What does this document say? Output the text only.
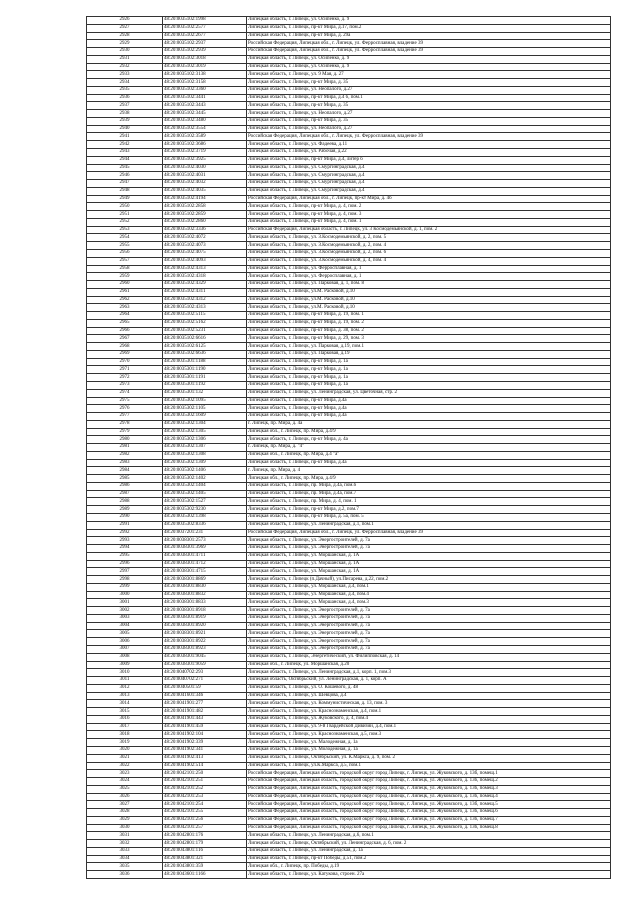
2926	48:20:0035102:1998	Липецкая область, г. Липецк, ул. Осипенко, д. 9
2927	48:20:0035102:2577	Липецкая область, г. Липецк, пр-кт Мира, д.17, пом.2
2928	48:20:0035102:2677	Липецкая область, г. Липецк, пр-кт Мира, д. 29а
2929	48:20:0035102:2937	Российская Федерация, Липецкая обл., г. Липецк, ул. Ферросплавная, владение 39
2930	48:20:0035102:2939	Российская Федерация, Липецкая обл., г. Липецк, ул. Ферросплавная, владение 39
2931	48:20:0035102:3018	Липецкая область, г. Липецк, ул. Осипенко, д. 9
2932	48:20:0035102:3019	Липецкая область, г. Липецк, ул. Осипенко, д. 9
2933	48:20:0035102:3138	Липецкая область, г. Липецк, ул. 9 Мая, д. 27
2934	48:20:0035102:3158	Липецкая область, г. Липецк, пр-кт Мира, д. 35
2935	48:20:0035102:3360	Липецкая область, г. Липецк, ул. Неопалого, д.27
2936	48:20:0035102:3441	Липецкая область, г. Липецк, пр-кт Мира, д.4 б, пом.1
2937	48:20:0035102:3443	Липецкая область, г. Липецк, пр-кт Мира, д. 35
2938	48:20:0035102:3445	Липецкая область, г. Липецк, ул. Неопалого, д.27
2939	48:20:0035102:3480	Липецкая область, г. Липецк, пр-кт Мира, д. 35
2940	48:20:0035102:3554	Липецкая область, г. Липецк, ул. Неопалого, д.27
2941	48:20:0035102:3589	Российская Федерация, Липецкая обл., г. Липецк, ул. Ферросплавная, владение 39
2942	48:20:0035102:3686	Липецкая область, г. Липецк, ул. Фадеева, д.11
2943	48:20:0035102:3719	Липецкая область, г. Липецк, ул. Рабочая, д.22
2944	48:20:0035102:3925	Липецкая область, г. Липецк, пр-кт Мира, д.4, литер б
2945	48:20:0035102:4030	Липецкая область, г. Липецк, ул. Смургинградская, д.4
2946	48:20:0035102:4031	Липецкая область, г. Липецк, ул. Смургинградская, д.4
2947	48:20:0035102:4032	Липецкая область, г. Липецк, ул. Смургинградская, д.4
2948	48:20:0035102:4035	Липецкая область, г. Липецк, ул. Смургинградская, д.4
2949	48:20:0035102:4194	Российская Федерация, Липецкая обл., г. Липецк, пр-кт Мира, д. 4б
2950	48:20:0035102:2858	Липецкая область, г. Липецк, пр-кт Мира, д. 4, пом. 2
2951	48:20:0035102:2859	Липецкая область, г. Липецк, пр-кт Мира, д. 4, пом. 3
2952	48:20:0035102:2860	Липецкая область, г. Липецк, пр-кт Мира, д. 4, пом. 1
2953	48:20:0035102:3336	Российская Федерация, Липецкая область, г. Липецк, ул. 3 Космодемьянской, д. 1, пом. 2
2954	48:20:0035102:4072	Липецкая область, г. Липецк, ул. З.Космодемьянской, д. 2, пом. 5
2955	48:20:0035102:4073	Липецкая область, г. Липецк, ул. З.Космодемьянской, д. 2, пом. 4
2956	48:20:0035102:4075	Липецкая область, г. Липецк, ул. З.Космодемьянской, д. 2, пом. 6
2957	48:20:0035102:4093	Липецкая область, г. Липецк, ул. З.Космодемьянской, д. 4, пом. 4
2958	48:20:0035102:4313	Липецкая область, г. Липецк, ул. Ферросплавная, д. 1
2959	48:20:0035102:4318	Липецкая область, г. Липецк, ул. Ферросплавная, д. 1
2960	48:20:0035102:4329	Липецкая область, г. Липецк, ул. Парковая, д. 1, пом. 8
2961	48:20:0035102:4311	Липецкая область, г. Липецк, ул.М. Расковой, д.10
2962	48:20:0035102:4312	Липецкая область, г. Липецк, ул.М. Расковой, д.10
2963	48:20:0035102:4313	Липецкая область, г. Липецк, ул.М. Расковой, д.10
2964	48:20:0035102:5115	Липецкая область, г. Липецк, пр-кт Мира, д. 19, пом. 1
2965	48:20:0035102:5162	Липецкая область, г. Липецк, пр-кт Мира, д. 19, пом. 2
2966	48:20:0035102:5231	Липецкая область, г. Липецк, пр-кт Мира, д. 38, пом. 2
2967	48:20:0035102:6616	Липецкая область, г. Липецк, пр-кт Мира, д. 29, пом. 3
2968	48:20:0035102:6125	Липецкая область, г. Липецк, ул. Парковая, д.19, пом.1
2969	48:20:0035102:6636	Липецкая область, г. Липецк, ул. Парковая, д.19
2970	48:20:0035301:1188	Липецкая область, г. Липецк, пр-кт Мира, д. 1а
2971	48:20:0035301:1190	Липецкая область, г. Липецк, пр-кт Мира, д. 1а
2972	48:20:0035301:1191	Липецкая область, г. Липецк, пр-кт Мира, д. 1а
2973	48:20:0035301:1192	Липецкая область, г. Липецк, пр-кт Мира, д. 1а
2974	48:20:0035301:132	Липецкая область, г. Липецк, ул. Ленинградская, ул. Цветочная, стр. 2
2975	48:20:0035302:1095	Липецкая область, г. Липецк, пр-кт Мира, д.4а
2976	48:20:0035302:1105	Липецкая область, г. Липецк, пр-кт Мира, д.4а
2977	48:20:0035302:1609	Липецкая область, г. Липецк, пр-кт Мира, д.4а
2978	48:20:0035302:1304	г. Липецк, пр. Мира, д. 4а
2979	48:20:0035302:1305	Липецкая обл., г. Липецк, пр. Мира, д.4/9
2980	48:20:0035302:1306	Липецкая область, г. Липецк, пр-кт Мира, д. 4а
2981	48:20:0035302:1307	г. Липецк, пр. Мира, д. "4"
2982	48:20:0035302:1308	Липецкая обл., г. Липецк, пр. Мира, д.4 "а"
2983	48:20:0035302:1309	Липецкая область, г. Липецк, пр-кт Мира, д.4а
2984	48:20:0035302:1406	г. Липецк, пр. Мира, д. 4
2985	48:20:0035302:1402	Липецкая обл., г. Липецк, пр. Мира, д.4/9
2986	48:20:0035302:1404	Липецкая область, г. Липецк, пр. Мира, д.4а, пом.6
2987	48:20:0035302:1405	Липецкая область, г. Липецк, пр. Мира, д.4а, пом.7
2988	48:20:0035302:1527	Липецкая область, г. Липецк, пр. Мира, д. 4, пом. 1
2989	48:20:0035302:9230	Липецкая область, г. Липецк, пр-кт Мира, д.2, пом.7
2990	48:20:0035302:1398	Липецкая область, г. Липецк, пр-кт Мира, д. 5а, пом. 5
2991	48:20:0035302:8336	Липецкая область, г. Липецк, ул. Ленинградская, д.1, пом.1
2992	48:20:0037201:231	Российская Федерация, Липецкая обл., г. Липецк, ул. Ферросплавная, владение 39
2993	48:20:0038301:2573	Липецкая область, г. Липецк, ул. Энергостроителей, д. 7а
2994	48:20:0038301:3969	Липецкая область, г. Липецк, ул. Энергостроителей, д. 7а
2995	48:20:0038301:4711	Липецкая область, г. Липецк, ул. Моршанская, д. 1А
2996	48:20:0038301:4712	Липецкая область, г. Липецк, ул. Моршанская, д. 1А
2997	48:20:0038301:4715	Липецкая область, г. Липецк, ул. Моршанская, д. 1А
2998	48:20:0038301:8869	Липецкая область, г. Липецк (п.Дачный), ул.Писарева, д.22, пом.2
2999	48:20:0038301:8830	Липецкая область, г. Липецк, ул. Моршанская, д.4, пом.1
3000	48:20:0038301:8832	Липецкая область, г. Липецк, ул. Моршанская, д.4, пом.4
3001	48:20:0038301:8833	Липецкая область, г. Липецк, ул. Моршанская, д.4, пом.3
3002	48:20:0038301:8918	Липецкая область, г. Липецк, ул. Энергостроителей, д. 7а
3003	48:20:0038301:8919	Липецкая область, г. Липецк, ул. Энергостроителей, д. 7а
3004	48:20:0038301:8920	Липецкая область, г. Липецк, ул. Энергостроителей, д. 7а
3005	48:20:0038301:8921	Липецкая область, г. Липецк, ул. Энергостроителей, д. 7а
3006	48:20:0038301:8922	Липецкая область, г. Липецк, ул. Энергостроителей, д. 7а
3007	48:20:0038301:8923	Липецкая область, г. Липецк, ул. Энергостроителей, д. 7а
3008	48:20:0038301:9045	Липецкая область, г. Липецк, Энергетический, ул. Филипповская, д. 14
3009	48:20:0038301:9059	Липецкая обл., г. Липецк, ул. Моршанская, д.20
3010	48:20:0040702:293	Липецкая область, г. Липецк, ул. Ленинградская, д.1, корп. 1, пом.3
3011	48:20:0040702:271	Липецкая область, Октябрьский, ул. Ленинградская, д. 1, корп. А
3012	48:20:0040501:59	Липецкая область, г. Липецк, ул. О. Кошевого, д. 48
3013	48:20:0041601:346	Липецкая область, г. Липецк, ул. Шевцова, д.4
3014	48:20:0041901:277	Липецкая область, г. Липецк, ул. Коммунистическая, д. 13, пом. 3
3015	48:20:0041901:482	Липецкая область, г. Липецк, ул. Краснознаменская, д.4, пом.1
3016	48:20:0041901:443	Липецкая область, г. Липецк, ул. Жуковского, д. 4, пом.4
3017	48:20:0041901:459	Липецкая область, г. Липецк, ул. 9-й Гвардейской Дивизии, д.4, пом.1
3018	48:20:0041902:104	Липецкая область, г. Липецк, ул. Краснознаменская, д.5, пом.3
3019	48:20:0041902:339	Липецкая область, г. Липецк, ул. Малодежная, д. 1а
3020	48:20:0041902:341	Липецкая область, г. Липецк, ул. Молодежная, д. 1а
3021	48:20:0041902:413	Липецкая область, г. Липецк, Октябрьский, ул. К.Маркса, д. 9, пом. 2
3022	48:20:0041902:514	Липецкая область, г. Липецк, ул.К.Маркса, д.5, пом.1
3023	48:20:0042101:250	Российская Федерация, Липецкая область, городской округ город Липецк, г. Липецк, ул. Жуковского, д. 13б, помещ.1
3024	48:20:0042101:251	Российская Федерация, Липецкая область, городской округ город Липецк, г. Липецк, ул. Жуковского, д. 13б, помещ.2
3025	48:20:0042101:252	Российская Федерация, Липецкая область, городской округ город Липецк, г. Липецк, ул. Жуковского, д. 13б, помещ.3
3026	48:20:0042101:253	Российская Федерация, Липецкая область, городской округ город Липецк, г. Липецк, ул. Жуковского, д. 13б, помещ.4
3027	48:20:0042101:254	Российская Федерация, Липецкая область, городской округ город Липецк, г. Липецк, ул. Жуковского, д. 13б, помещ.5
3028	48:20:0042101:255	Российская Федерация, Липецкая область, городской округ город Липецк, г. Липецк, ул. Жуковского, д. 13б, помещ.6
3029	48:20:0042101:256	Российская Федерация, Липецкая область, городской округ город Липецк, г. Липецк, ул. Жуковского, д. 13б, помещ.7
3030	48:20:0042101:257	Российская Федерация, Липецкая область, городской округ город Липецк, г. Липецк, ул. Жуковского, д. 13б, помещ.8
3031	48:20:0042801:176	Липецкая область, г. Липецк, ул. Ленинградская, д.6, пом.1
3032	48:20:0042801:179	Липецкая область, г. Липецк, Октябрьский, ул. Ленинградская, д. 6, пом. 2
3033	48:20:0043801:116	Липецкая область, г. Липецк, ул. Ленинградская, д. 1а
3034	48:20:0043801:321	Липецкая область, г. Липецк, пр-кт Победы, д.51, пом.2
3035	48:20:0043801:359	Липецкая обл., г. Липецк, пр. Победы, д.19
3036	48:20:0043601:1166	Липецкая область, г. Липецк, ул. Катукова, строен. 27а
